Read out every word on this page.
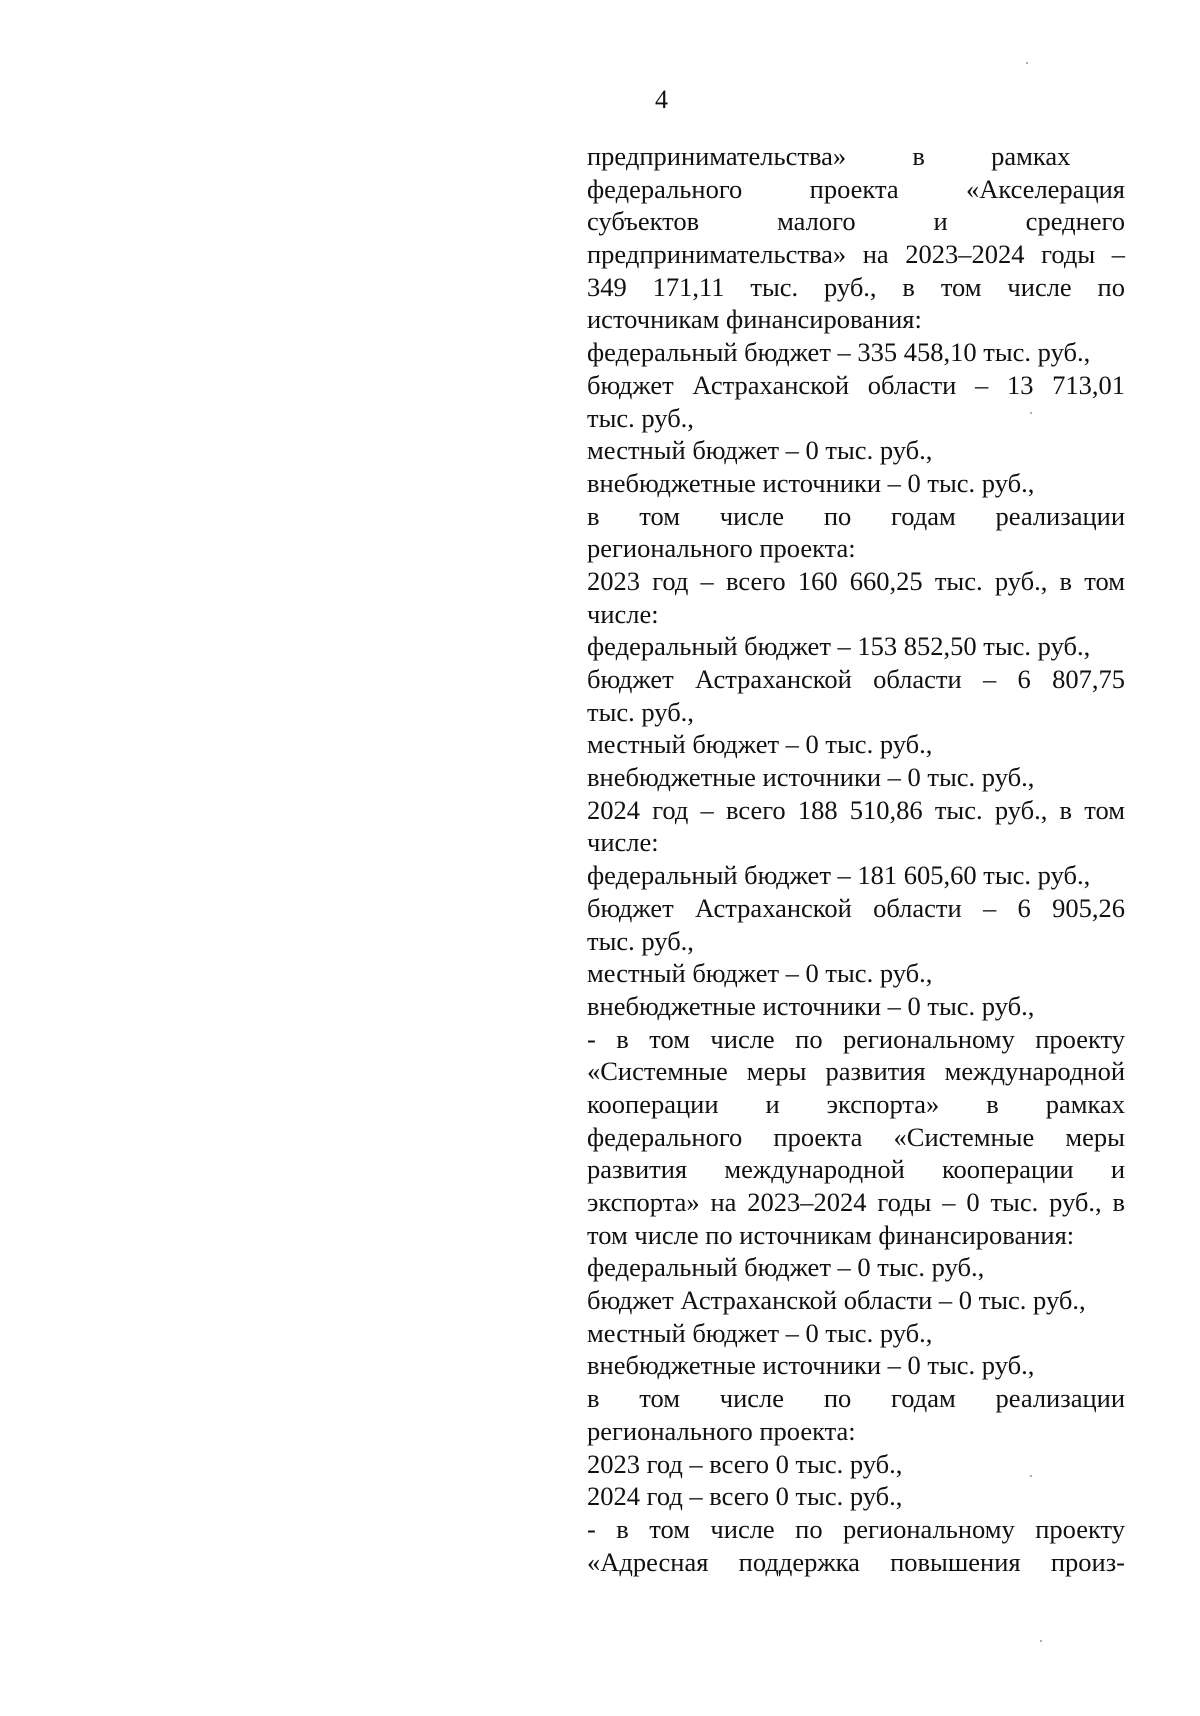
4
предпринимательства»          в          рамках
федерального проекта «Акселерация
субъектов малого и среднего
предпринимательства» на 2023–2024 годы –
349 171,11 тыс. руб., в том числе по
источникам финансирования:
федеральный бюджет – 335 458,10 тыс. руб.,
бюджет Астраханской области – 13 713,01
тыс. руб.,
местный бюджет – 0 тыс. руб.,
внебюджетные источники – 0 тыс. руб.,
в том числе по годам реализации
регионального проекта:
2023 год – всего 160 660,25 тыс. руб., в том
числе:
федеральный бюджет – 153 852,50 тыс. руб.,
бюджет Астраханской области – 6 807,75
тыс. руб.,
местный бюджет – 0 тыс. руб.,
внебюджетные источники – 0 тыс. руб.,
2024 год – всего 188 510,86 тыс. руб., в том
числе:
федеральный бюджет – 181 605,60 тыс. руб.,
бюджет Астраханской области – 6 905,26
тыс. руб.,
местный бюджет – 0 тыс. руб.,
внебюджетные источники – 0 тыс. руб.,
- в том числе по региональному проекту
«Системные меры развития международной
кооперации и экспорта» в рамках
федерального проекта «Системные меры
развития международной кооперации и
экспорта» на 2023–2024 годы – 0 тыс. руб., в
том числе по источникам финансирования:
федеральный бюджет – 0 тыс. руб.,
бюджет Астраханской области – 0 тыс. руб.,
местный бюджет – 0 тыс. руб.,
внебюджетные источники – 0 тыс. руб.,
в том числе по годам реализации
регионального проекта:
2023 год – всего 0 тыс. руб.,
2024 год – всего 0 тыс. руб.,
- в том числе по региональному проекту
«Адресная поддержка повышения произ-
